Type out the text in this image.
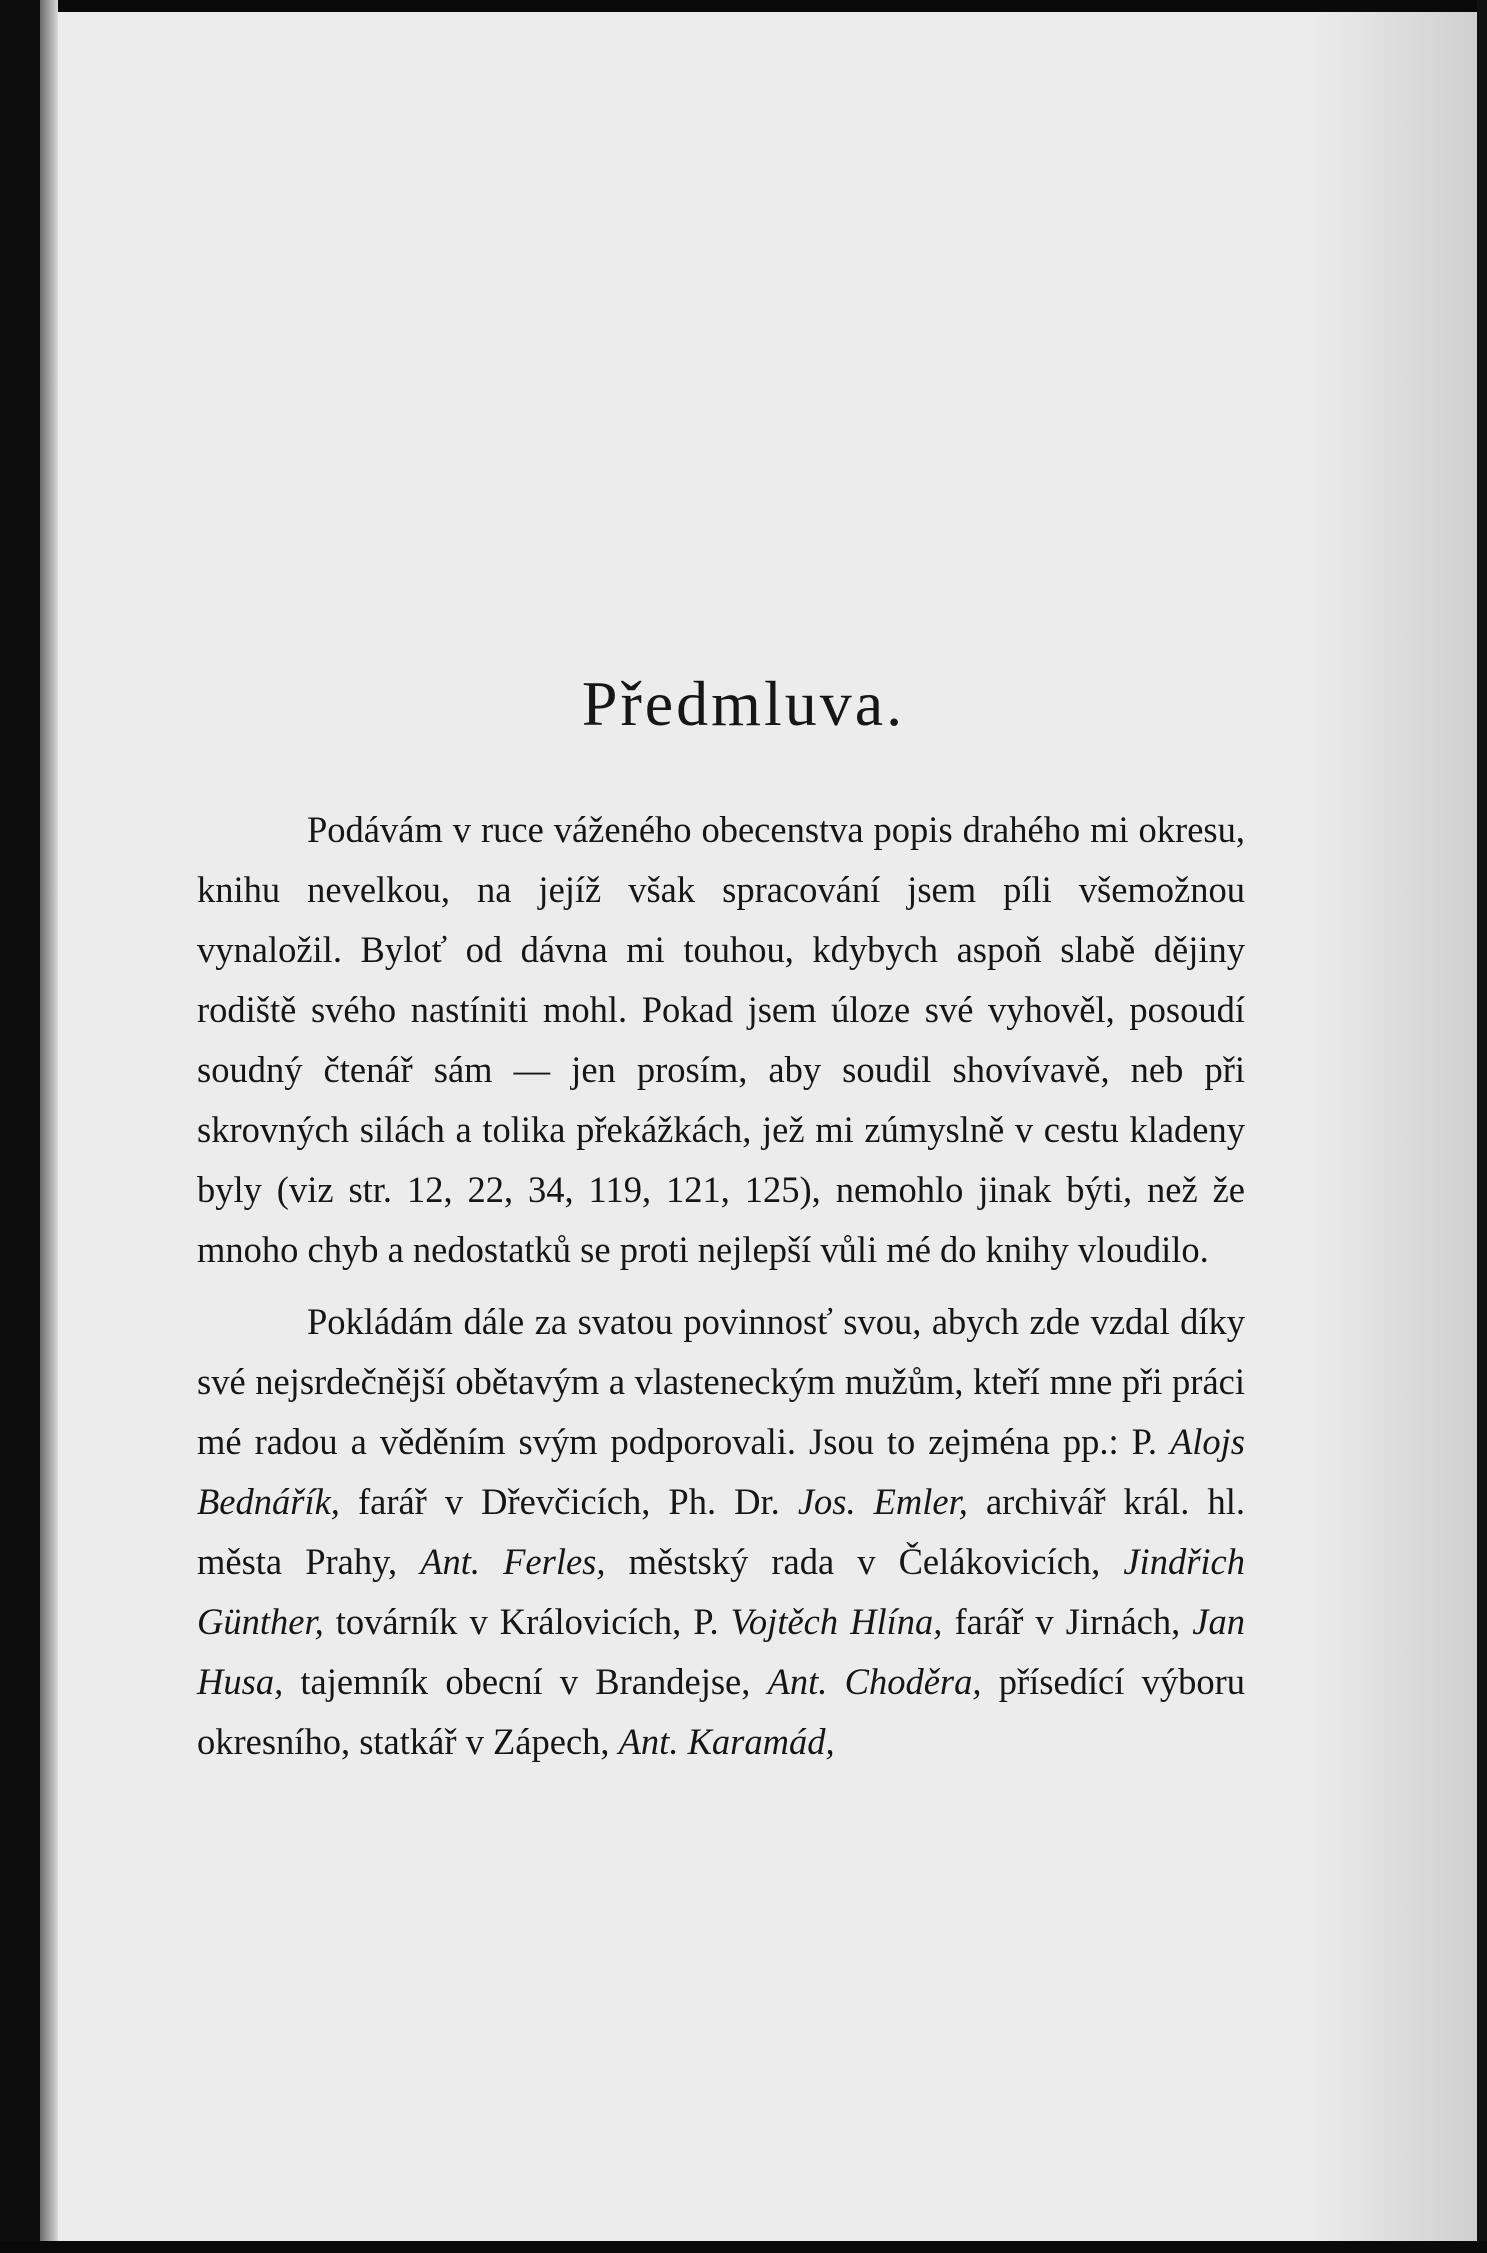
Předmluva.

Podávám v ruce váženého obecenstva popis drahého mi okresu, knihu nevelkou, na jejíž však spracování jsem píli všemožnou vynaložil. Byloť od dávna mi touhou, kdybych aspoň slabě dějiny rodiště svého nastíniti mohl. Pokad jsem úloze své vyhověl, posoudí soudný čtenář sám — jen prosím, aby soudil shovívavě, neb při skrovných silách a tolika překážkách, jež mi zúmyslně v cestu kladeny byly (viz str. 12, 22, 34, 119, 121, 125), nemohlo jinak býti, než že mnoho chyb a nedostatků se proti nejlepší vůli mé do knihy vloudilo.

Pokládám dále za svatou povinnosť svou, abych zde vzdal díky své nejsrdečnější obětavým a vlasteneckým mužům, kteří mne při práci mé radou a věděním svým podporovali. Jsou to zejména pp.: P. Alojs Bednářík, farář v Dřevčicích, Ph. Dr. Jos. Emler, archivář král. hl. města Prahy, Ant. Ferles, městský rada v Čelákovicích, Jindřich Günther, továrník v Královicích, P. Vojtěch Hlína, farář v Jirnách, Jan Husa, tajemník obecní v Brandejse, Ant. Choděra, přísedící výboru okresního, statkář v Zápech, Ant. Karamád,
